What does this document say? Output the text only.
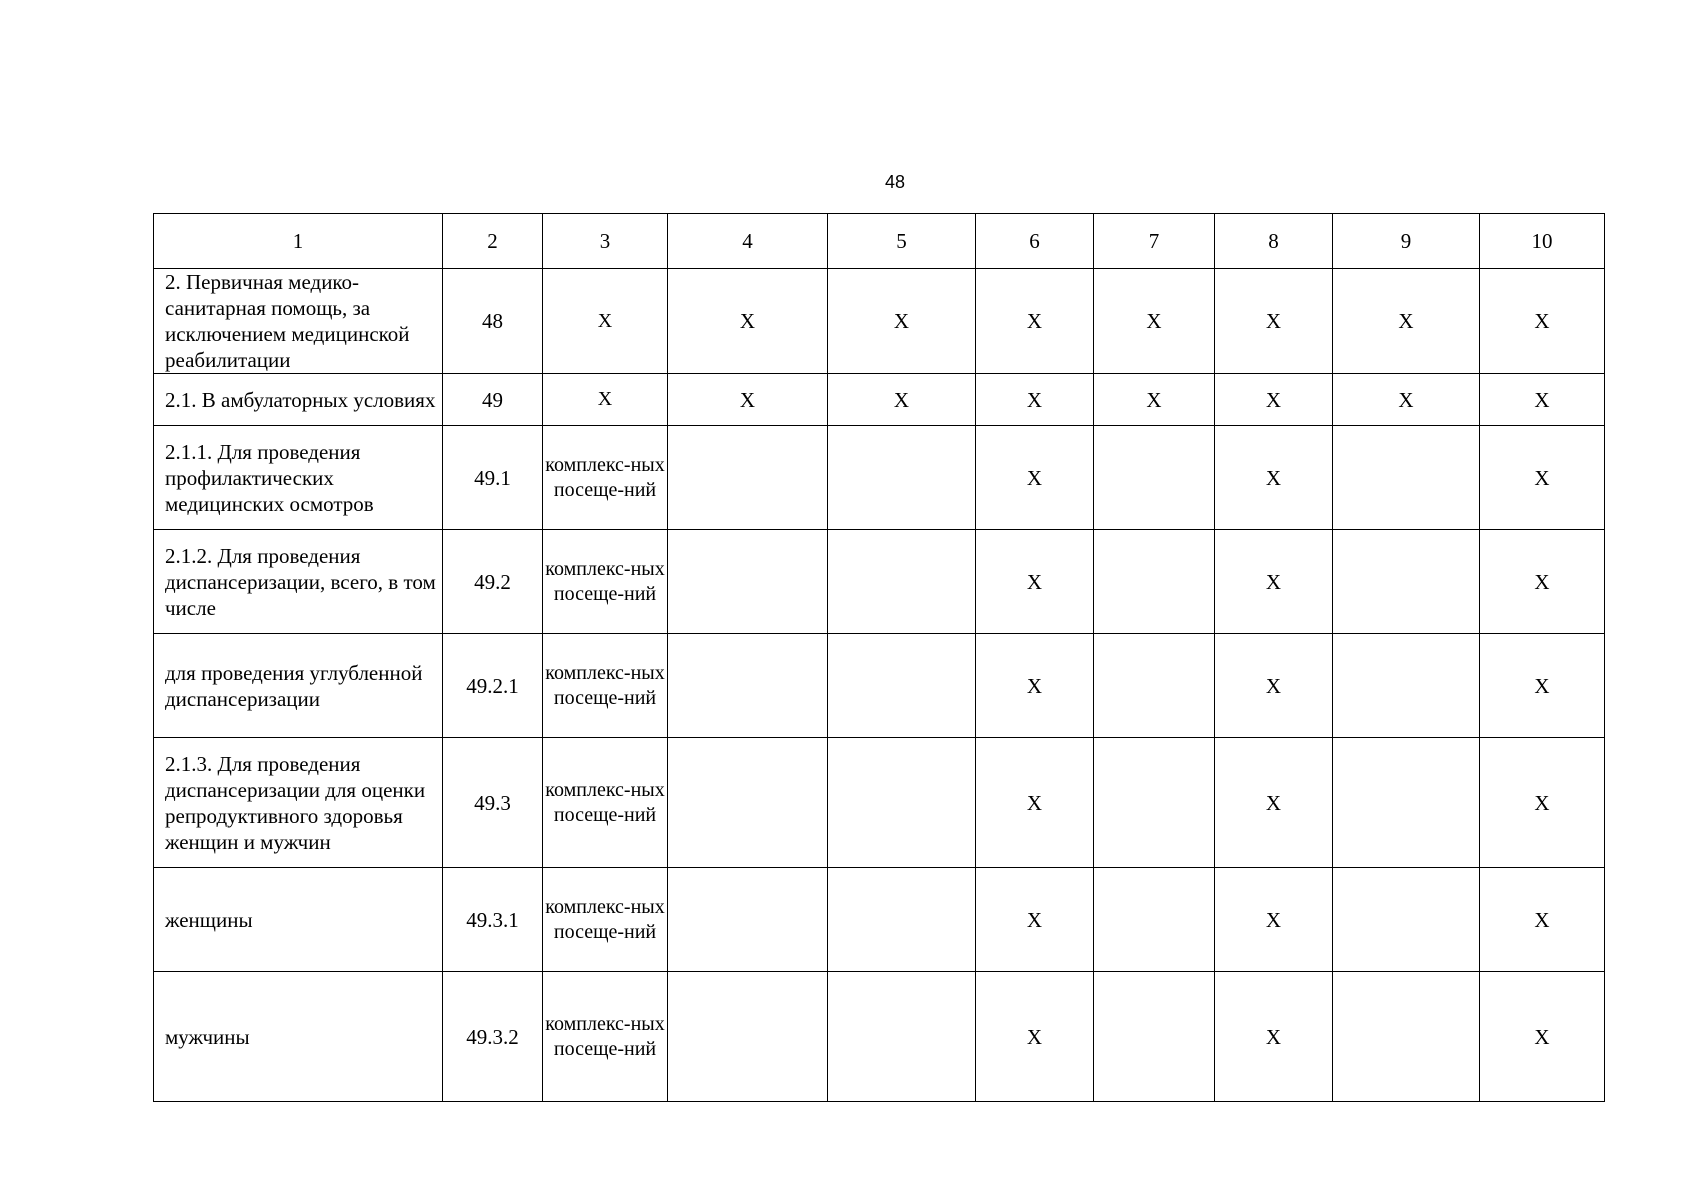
48
1	2	3	4	5	6	7	8	9	10
2. Первичная медико-санитарная помощь, за исключением медицинской реабилитации	48	Х	Х	Х	Х	Х	Х	Х	Х
2.1. В амбулаторных условиях	49	Х	Х	Х	Х	Х	Х	Х	Х
2.1.1. Для проведения профилактических медицинских осмотров	49.1	комплекс-ных посеще-ний			Х		Х		Х
2.1.2. Для проведения диспансеризации, всего, в том числе	49.2	комплекс-ных посеще-ний			Х		Х		Х
для проведения углубленной диспансеризации	49.2.1	комплекс-ных посеще-ний			Х		Х		Х
2.1.3. Для проведения диспансеризации для оценки репродуктивного здоровья женщин и мужчин	49.3	комплекс-ных посеще-ний			Х		Х		Х
женщины	49.3.1	комплекс-ных посеще-ний			Х		Х		Х
мужчины	49.3.2	комплекс-ных посеще-ний			Х		Х		Х
